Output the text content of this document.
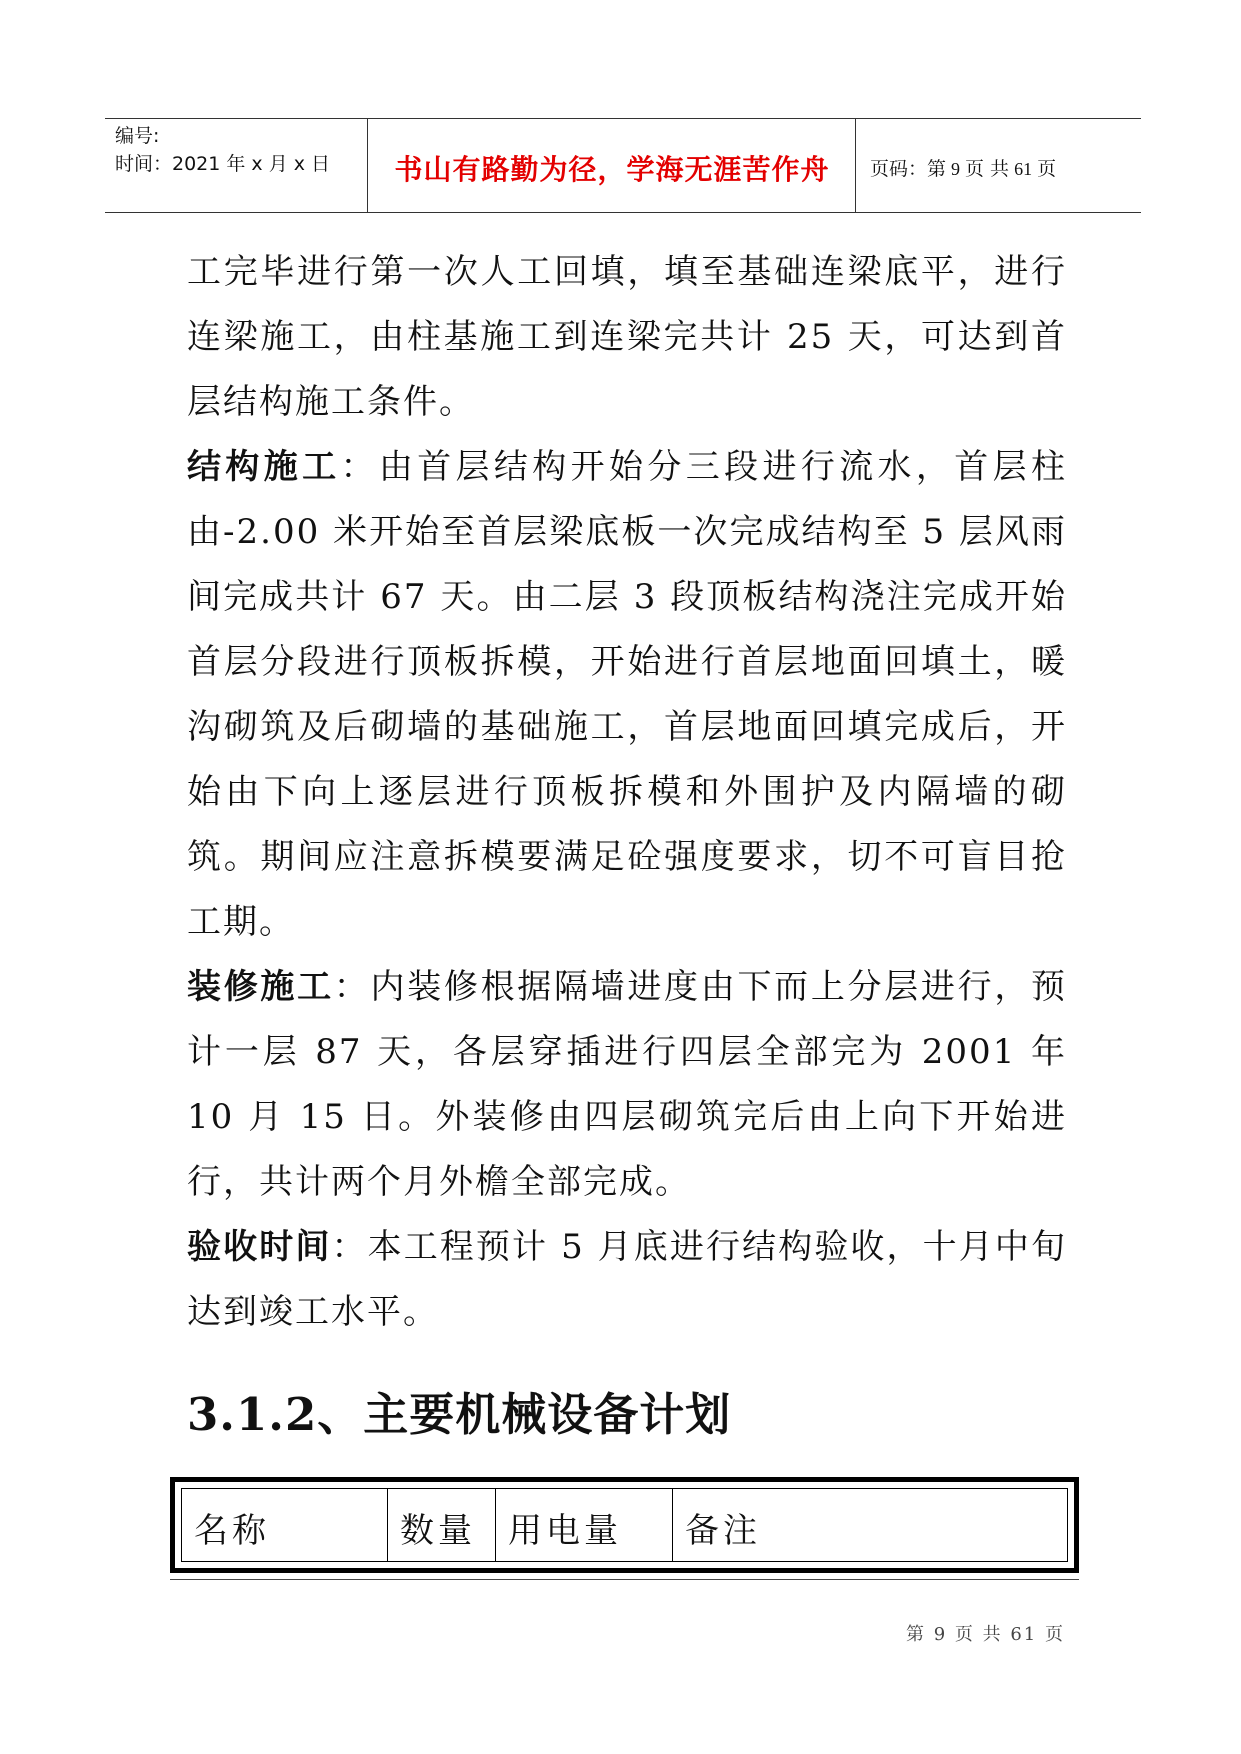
编号:
时间：2021 年 x 月 x 日	书山有路勤为径，学海无涯苦作舟	页码：第 9 页 共 61 页

工完毕进行第一次人工回填，填至基础连梁底平，进行连梁施工，由柱基施工到连梁完共计 25 天，可达到首层结构施工条件。

结构施工：由首层结构开始分三段进行流水，首层柱由-2.00 米开始至首层梁底板一次完成结构至 5 层风雨间完成共计 67 天。由二层 3 段顶板结构浇注完成开始首层分段进行顶板拆模，开始进行首层地面回填土，暖沟砌筑及后砌墙的基础施工，首层地面回填完成后，开始由下向上逐层进行顶板拆模和外围护及内隔墙的砌筑。期间应注意拆模要满足砼强度要求，切不可盲目抢工期。

装修施工：内装修根据隔墙进度由下而上分层进行，预计一层 87 天，各层穿插进行四层全部完为 2001 年 10 月 15 日。外装修由四层砌筑完后由上向下开始进行，共计两个月外檐全部完成。

验收时间：本工程预计 5 月底进行结构验收，十月中旬达到竣工水平。

3.1.2、主要机械设备计划
名称	数量 用电量	备注
第 9 页 共 61 页
